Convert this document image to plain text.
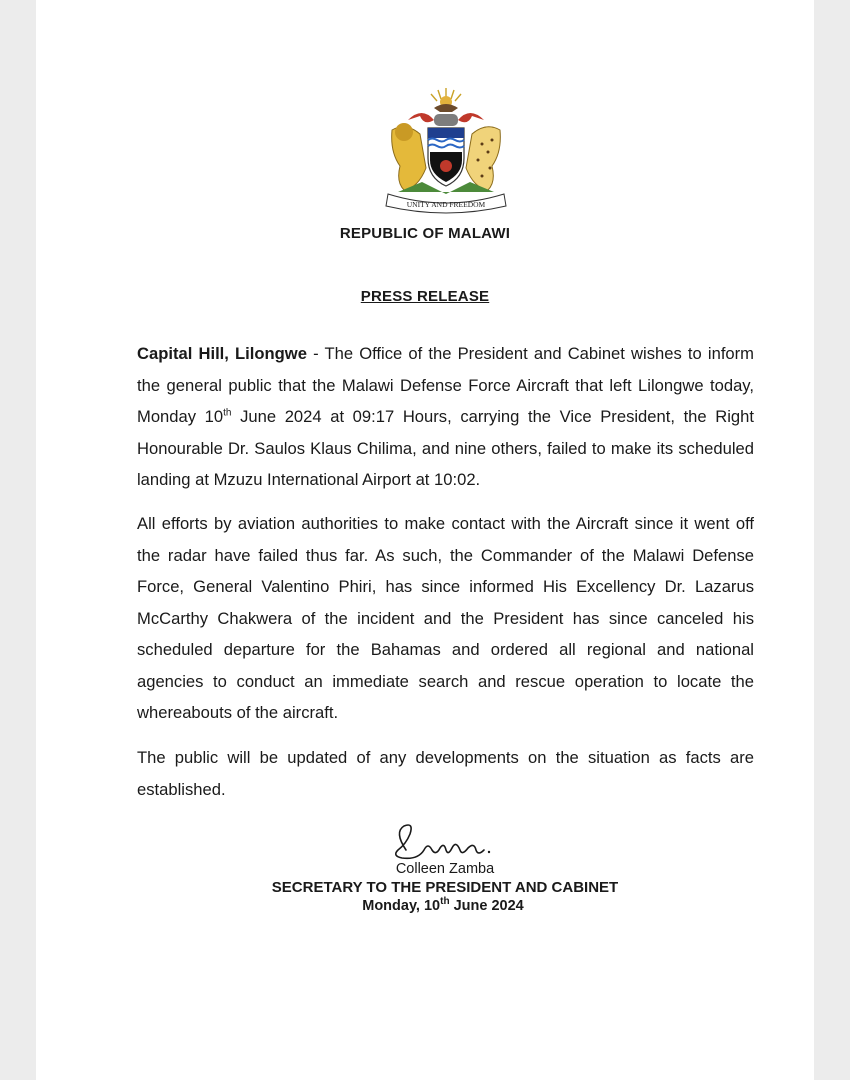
UNITY AND FREEDOM
REPUBLIC OF MALAWI
PRESS RELEASE
Capital Hill, Lilongwe - The Office of the President and Cabinet wishes to inform the general public that the Malawi Defense Force Aircraft that left Lilongwe today, Monday 10th June 2024 at 09:17 Hours, carrying the Vice President, the Right Honourable Dr. Saulos Klaus Chilima, and nine others, failed to make its scheduled landing at Mzuzu International Airport at 10:02.
All efforts by aviation authorities to make contact with the Aircraft since it went off the radar have failed thus far. As such, the Commander of the Malawi Defense Force, General Valentino Phiri, has since informed His Excellency Dr. Lazarus McCarthy Chakwera of the incident and the President has since canceled his scheduled departure for the Bahamas and ordered all regional and national agencies to conduct an immediate search and rescue operation to locate the whereabouts of the aircraft.
The public will be updated of any developments on the situation as facts are established.
Colleen Zamba
SECRETARY TO THE PRESIDENT AND CABINET
Monday, 10th June 2024
